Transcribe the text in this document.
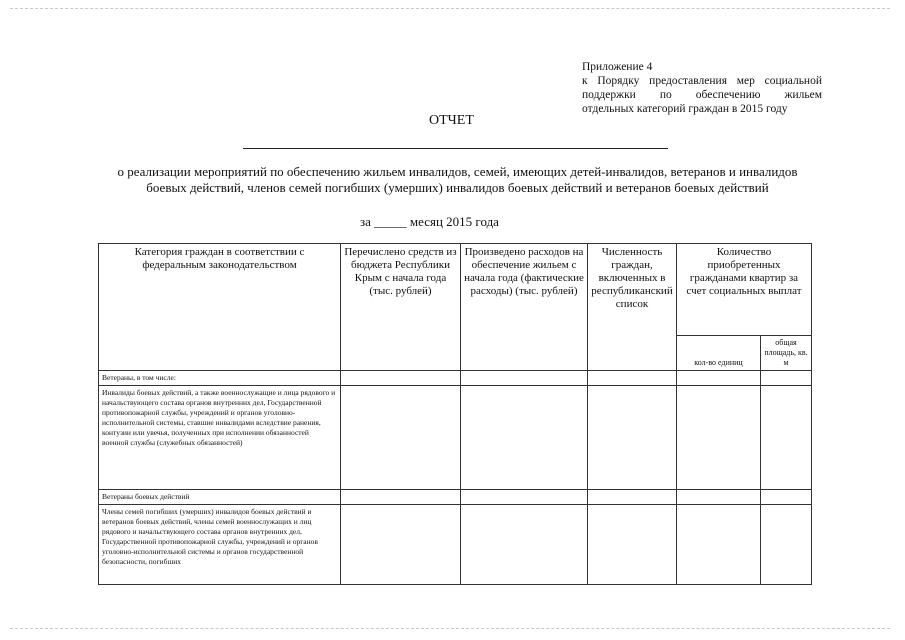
Приложение 4
к Порядку предоставления мер социальной
поддержки по обеспечению жильем
отдельных категорий граждан в 2015 году
ОТЧЕТ
о реализации мероприятий по обеспечению жильем инвалидов, семей, имеющих детей-инвалидов, ветеранов и инвалидов боевых действий, членов семей погибших (умерших) инвалидов боевых действий и ветеранов боевых действий
за _____ месяц 2015 года
Категория граждан в соответствии с федеральным законодательством	Перечислено средств из бюджета Республики Крым с начала года (тыс. рублей)	Произведено расходов на обеспечение жильем с начала года (фактические расходы) (тыс. рублей)	Численность граждан, включенных в республиканский список	Количество приобретенных гражданами квартир за счет социальных выплат	
				кол-во единиц	общая площадь, кв. м
Ветераны, в том числе:					
Инвалиды боевых действий, а также военнослужащие и лица рядового и начальствующего состава органов внутренних дел, Государственной противопожарной службы, учреждений и органов уголовно- исполнительной системы, ставшие инвалидами вследствие ранения, контузии или увечья, полученных при исполнении обязанностей военной службы (служебных обязанностей)					
Ветераны боевых действий					
Члены семей погибших (умерших) инвалидов боевых действий и ветеранов боевых действий, члены семей военнослужащих и лиц рядового и начальствующего состава органов внутренних дел, Государственной противопожарной службы, учреждений и органов уголовно-исполнительной системы и органов государственной безопасности, погибших					
